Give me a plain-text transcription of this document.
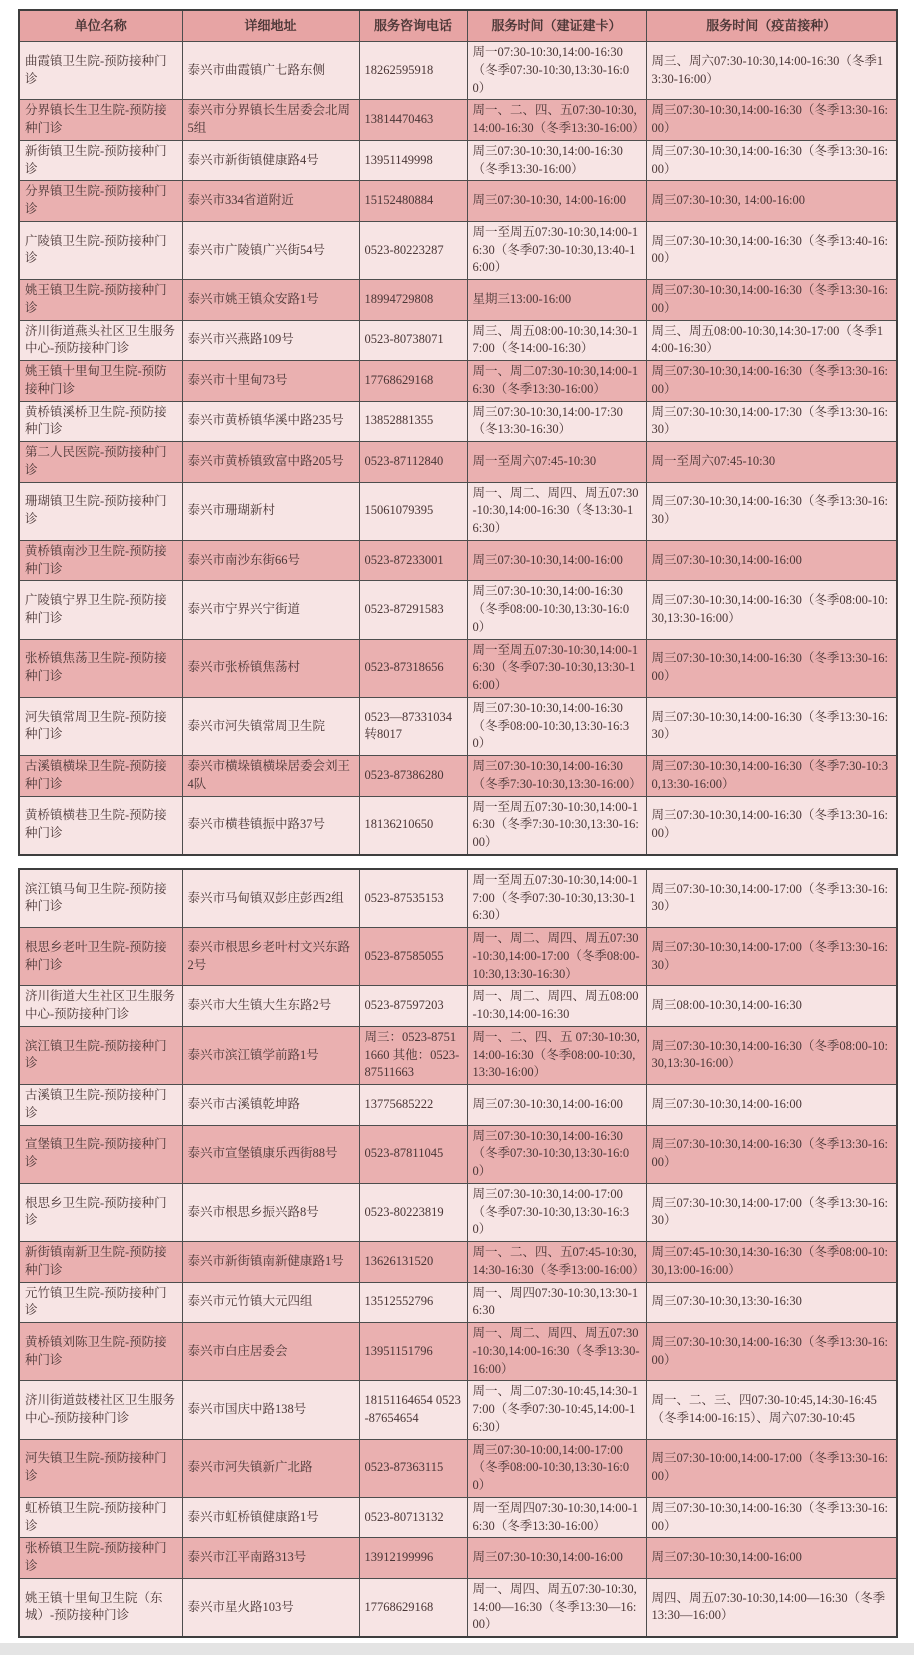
单位名称	详细地址	服务咨询电话	服务时间（建证建卡）	服务时间（疫苗接种）
曲霞镇卫生院-预防接种门诊	泰兴市曲霞镇广七路东侧	18262595918	周一07:30-10:30,14:00-16:30（冬季07:30-10:30,13:30-16:00）	周三、周六07:30-10:30,14:00-16:30（冬季13:30-16:00）
分界镇长生卫生院-预防接种门诊	泰兴市分界镇长生居委会北周5组	13814470463	周一、二、四、五07:30-10:30,14:00-16:30（冬季13:30-16:00）	周三07:30-10:30,14:00-16:30（冬季13:30-16:00）
新街镇卫生院-预防接种门诊	泰兴市新街镇健康路4号	13951149998	周三07:30-10:30,14:00-16:30（冬季13:30-16:00）	周三07:30-10:30,14:00-16:30（冬季13:30-16:00）
分界镇卫生院-预防接种门诊	泰兴市334省道附近	15152480884	周三07:30-10:30, 14:00-16:00	周三07:30-10:30, 14:00-16:00
广陵镇卫生院-预防接种门诊	泰兴市广陵镇广兴街54号	0523-80223287	周一至周五07:30-10:30,14:00-16:30（冬季07:30-10:30,13:40-16:00）	周三07:30-10:30,14:00-16:30（冬季13:40-16:00）
姚王镇卫生院-预防接种门诊	泰兴市姚王镇众安路1号	18994729808	星期三13:00-16:00	周三07:30-10:30,14:00-16:30（冬季13:30-16:00）
济川街道燕头社区卫生服务中心-预防接种门诊	泰兴市兴燕路109号	0523-80738071	周三、周五08:00-10:30,14:30-17:00（冬14:00-16:30）	周三、周五08:00-10:30,14:30-17:00（冬季14:00-16:30）
姚王镇十里甸卫生院-预防接种门诊	泰兴市十里甸73号	17768629168	周一、周二07:30-10:30,14:00-16:30（冬季13:30-16:00）	周三07:30-10:30,14:00-16:30（冬季13:30-16:00）
黄桥镇溪桥卫生院-预防接种门诊	泰兴市黄桥镇华溪中路235号	13852881355	周三07:30-10:30,14:00-17:30（冬13:30-16:30）	周三07:30-10:30,14:00-17:30（冬季13:30-16:30）
第二人民医院-预防接种门诊	泰兴市黄桥镇致富中路205号	0523-87112840	周一至周六07:45-10:30	周一至周六07:45-10:30
珊瑚镇卫生院-预防接种门诊	泰兴市珊瑚新村	15061079395	周一、周二、周四、周五07:30-10:30,14:00-16:30（冬13:30-16:30）	周三07:30-10:30,14:00-16:30（冬季13:30-16:30）
黄桥镇南沙卫生院-预防接种门诊	泰兴市南沙东街66号	0523-87233001	周三07:30-10:30,14:00-16:00	周三07:30-10:30,14:00-16:00
广陵镇宁界卫生院-预防接种门诊	泰兴市宁界兴宁街道	0523-87291583	周三07:30-10:30,14:00-16:30（冬季08:00-10:30,13:30-16:00）	周三07:30-10:30,14:00-16:30（冬季08:00-10:30,13:30-16:00）
张桥镇焦荡卫生院-预防接种门诊	泰兴市张桥镇焦荡村	0523-87318656	周一至周五07:30-10:30,14:00-16:30（冬季07:30-10:30,13:30-16:00）	周三07:30-10:30,14:00-16:30（冬季13:30-16:00）
河失镇常周卫生院-预防接种门诊	泰兴市河失镇常周卫生院	0523—87331034转8017	周三07:30-10:30,14:00-16:30（冬季08:00-10:30,13:30-16:30）	周三07:30-10:30,14:00-16:30（冬季13:30-16:30）
古溪镇横垛卫生院-预防接种门诊	泰兴市横垛镇横垛居委会刘王4队	0523-87386280	周三07:30-10:30,14:00-16:30（冬季7:30-10:30,13:30-16:00）	周三07:30-10:30,14:00-16:30（冬季7:30-10:30,13:30-16:00）
黄桥镇横巷卫生院-预防接种门诊	泰兴市横巷镇振中路37号	18136210650	周一至周五07:30-10:30,14:00-16:30（冬季7:30-10:30,13:30-16:00）	周三07:30-10:30,14:00-16:30（冬季13:30-16:00）
滨江镇马甸卫生院-预防接种门诊	泰兴市马甸镇双彭庄彭西2组	0523-87535153	周一至周五07:30-10:30,14:00-17:00（冬季07:30-10:30,13:30-16:30）	周三07:30-10:30,14:00-17:00（冬季13:30-16:30）
根思乡老叶卫生院-预防接种门诊	泰兴市根思乡老叶村文兴东路2号	0523-87585055	周一、周二、周四、周五07:30-10:30,14:00-17:00（冬季08:00-10:30,13:30-16:30）	周三07:30-10:30,14:00-17:00（冬季13:30-16:30）
济川街道大生社区卫生服务中心-预防接种门诊	泰兴市大生镇大生东路2号	0523-87597203	周一、周二、周四、周五08:00-10:30,14:00-16:30	周三08:00-10:30,14:00-16:30
滨江镇卫生院-预防接种门诊	泰兴市滨江镇学前路1号	周三：0523-87511660 其他：0523-87511663	周一、二、四、五 07:30-10:30,14:00-16:30（冬季08:00-10:30,13:30-16:00）	周三07:30-10:30,14:00-16:30（冬季08:00-10:30,13:30-16:00）
古溪镇卫生院-预防接种门诊	泰兴市古溪镇乾坤路	13775685222	周三07:30-10:30,14:00-16:00	周三07:30-10:30,14:00-16:00
宣堡镇卫生院-预防接种门诊	泰兴市宣堡镇康乐西街88号	0523-87811045	周三07:30-10:30,14:00-16:30（冬季07:30-10:30,13:30-16:00）	周三07:30-10:30,14:00-16:30（冬季13:30-16:00）
根思乡卫生院-预防接种门诊	泰兴市根思乡振兴路8号	0523-80223819	周三07:30-10:30,14:00-17:00（冬季07:30-10:30,13:30-16:30）	周三07:30-10:30,14:00-17:00（冬季13:30-16:30）
新街镇南新卫生院-预防接种门诊	泰兴市新街镇南新健康路1号	13626131520	周一、二、四、五07:45-10:30,14:30-16:30（冬季13:00-16:00）	周三07:45-10:30,14:30-16:30（冬季08:00-10:30,13:00-16:00）
元竹镇卫生院-预防接种门诊	泰兴市元竹镇大元四组	13512552796	周一、周四07:30-10:30,13:30-16:30	周三07:30-10:30,13:30-16:30
黄桥镇刘陈卫生院-预防接种门诊	泰兴市白庄居委会	13951151796	周一、周二、周四、周五07:30-10:30,14:00-16:30（冬季13:30-16:00）	周三07:30-10:30,14:00-16:30（冬季13:30-16:00）
济川街道鼓楼社区卫生服务中心-预防接种门诊	泰兴市国庆中路138号	18151164654 0523-87654654	周一、周二07:30-10:45,14:30-17:00（冬季07:30-10:45,14:00-16:30）	周一、二、三、四07:30-10:45,14:30-16:45（冬季14:00-16:15）、周六07:30-10:45
河失镇卫生院-预防接种门诊	泰兴市河失镇新广北路	0523-87363115	周三07:30-10:00,14:00-17:00（冬季08:00-10:30,13:30-16:00）	周三07:30-10:00,14:00-17:00（冬季13:30-16:00）
虹桥镇卫生院-预防接种门诊	泰兴市虹桥镇健康路1号	0523-80713132	周一至周四07:30-10:30,14:00-16:30（冬季13:30-16:00）	周三07:30-10:30,14:00-16:30（冬季13:30-16:00）
张桥镇卫生院-预防接种门诊	泰兴市江平南路313号	13912199996	周三07:30-10:30,14:00-16:00	周三07:30-10:30,14:00-16:00
姚王镇十里甸卫生院（东城）-预防接种门诊	泰兴市星火路103号	17768629168	周一、周四、周五07:30-10:30,14:00—16:30（冬季13:30—16:00）	周四、周五07:30-10:30,14:00—16:30（冬季13:30—16:00）
